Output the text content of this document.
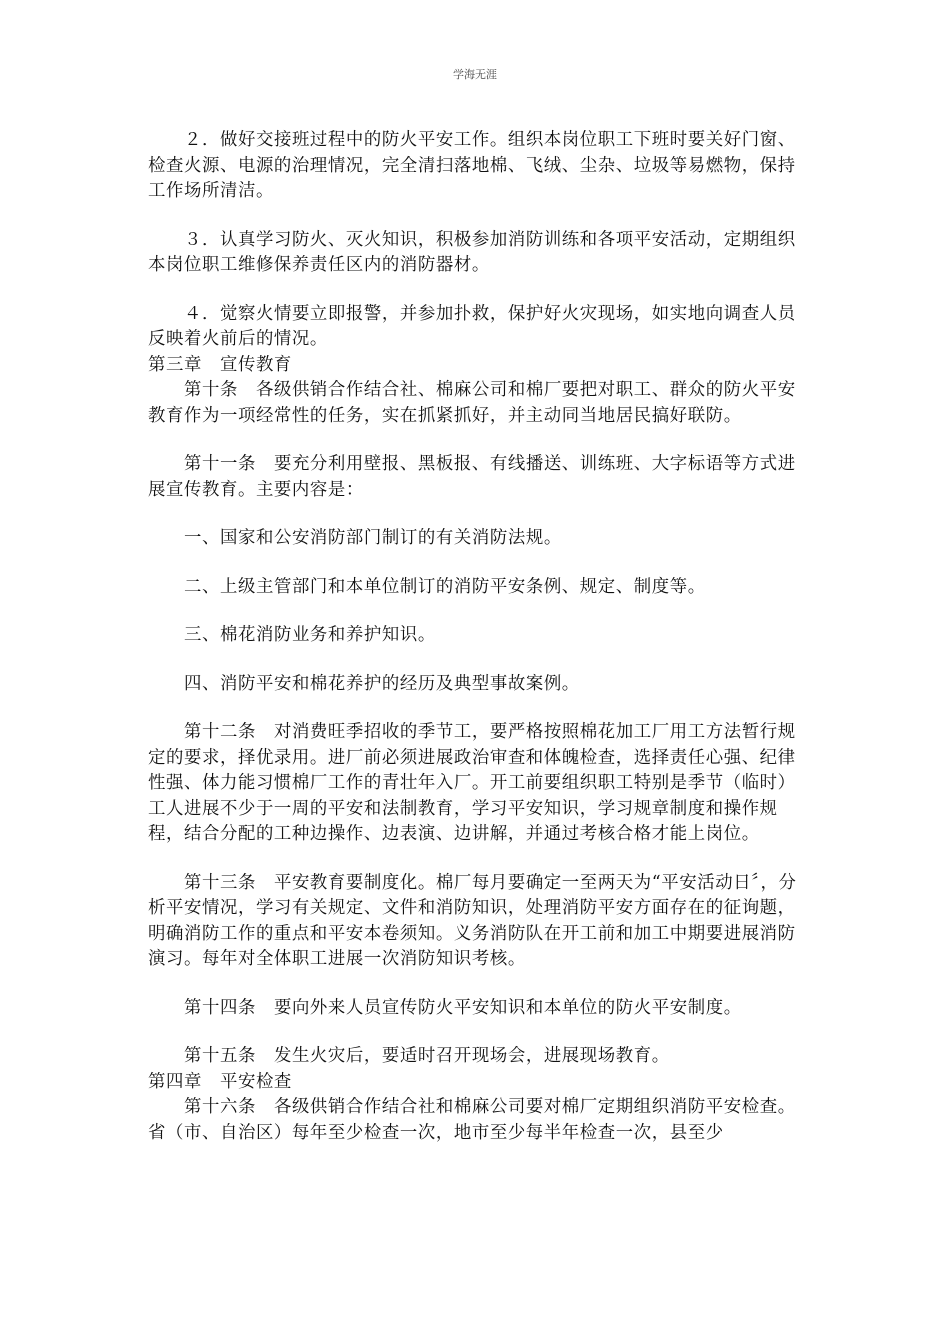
学海无涯

２．做好交接班过程中的防火平安工作。组织本岗位职工下班时要关好门窗、检查火源、电源的治理情况，完全清扫落地棉、飞绒、尘杂、垃圾等易燃物，保持工作场所清洁。

３．认真学习防火、灭火知识，积极参加消防训练和各项平安活动，定期组织本岗位职工维修保养责任区内的消防器材。

４．觉察火情要立即报警，并参加扑救，保护好火灾现场，如实地向调查人员反映着火前后的情况。

第三章　宣传教育

第十条　各级供销合作结合社、棉麻公司和棉厂要把对职工、群众的防火平安教育作为一项经常性的任务，实在抓紧抓好，并主动同当地居民搞好联防。

第十一条　要充分利用壁报、黑板报、有线播送、训练班、大字标语等方式进展宣传教育。主要内容是：

一、国家和公安消防部门制订的有关消防法规。

二、上级主管部门和本单位制订的消防平安条例、规定、制度等。

三、棉花消防业务和养护知识。

四、消防平安和棉花养护的经历及典型事故案例。

第十二条　对消费旺季招收的季节工，要严格按照棉花加工厂用工方法暂行规定的要求，择优录用。进厂前必须进展政治审查和体魄检查，选择责任心强、纪律性强、体力能习惯棉厂工作的青壮年入厂。开工前要组织职工特别是季节（临时）工人进展不少于一周的平安和法制教育，学习平安知识，学习规章制度和操作规程，结合分配的工种边操作、边表演、边讲解，并通过考核合格才能上岗位。

第十三条　平安教育要制度化。棉厂每月要确定一至两天为“平安活动日〞，分析平安情况，学习有关规定、文件和消防知识，处理消防平安方面存在的征询题，明确消防工作的重点和平安本卷须知。义务消防队在开工前和加工中期要进展消防演习。每年对全体职工进展一次消防知识考核。

第十四条　要向外来人员宣传防火平安知识和本单位的防火平安制度。

第十五条　发生火灾后，要适时召开现场会，进展现场教育。

第四章　平安检查

第十六条　各级供销合作结合社和棉麻公司要对棉厂定期组织消防平安检查。省（市、自治区）每年至少检查一次，地市至少每半年检查一次，县至少
